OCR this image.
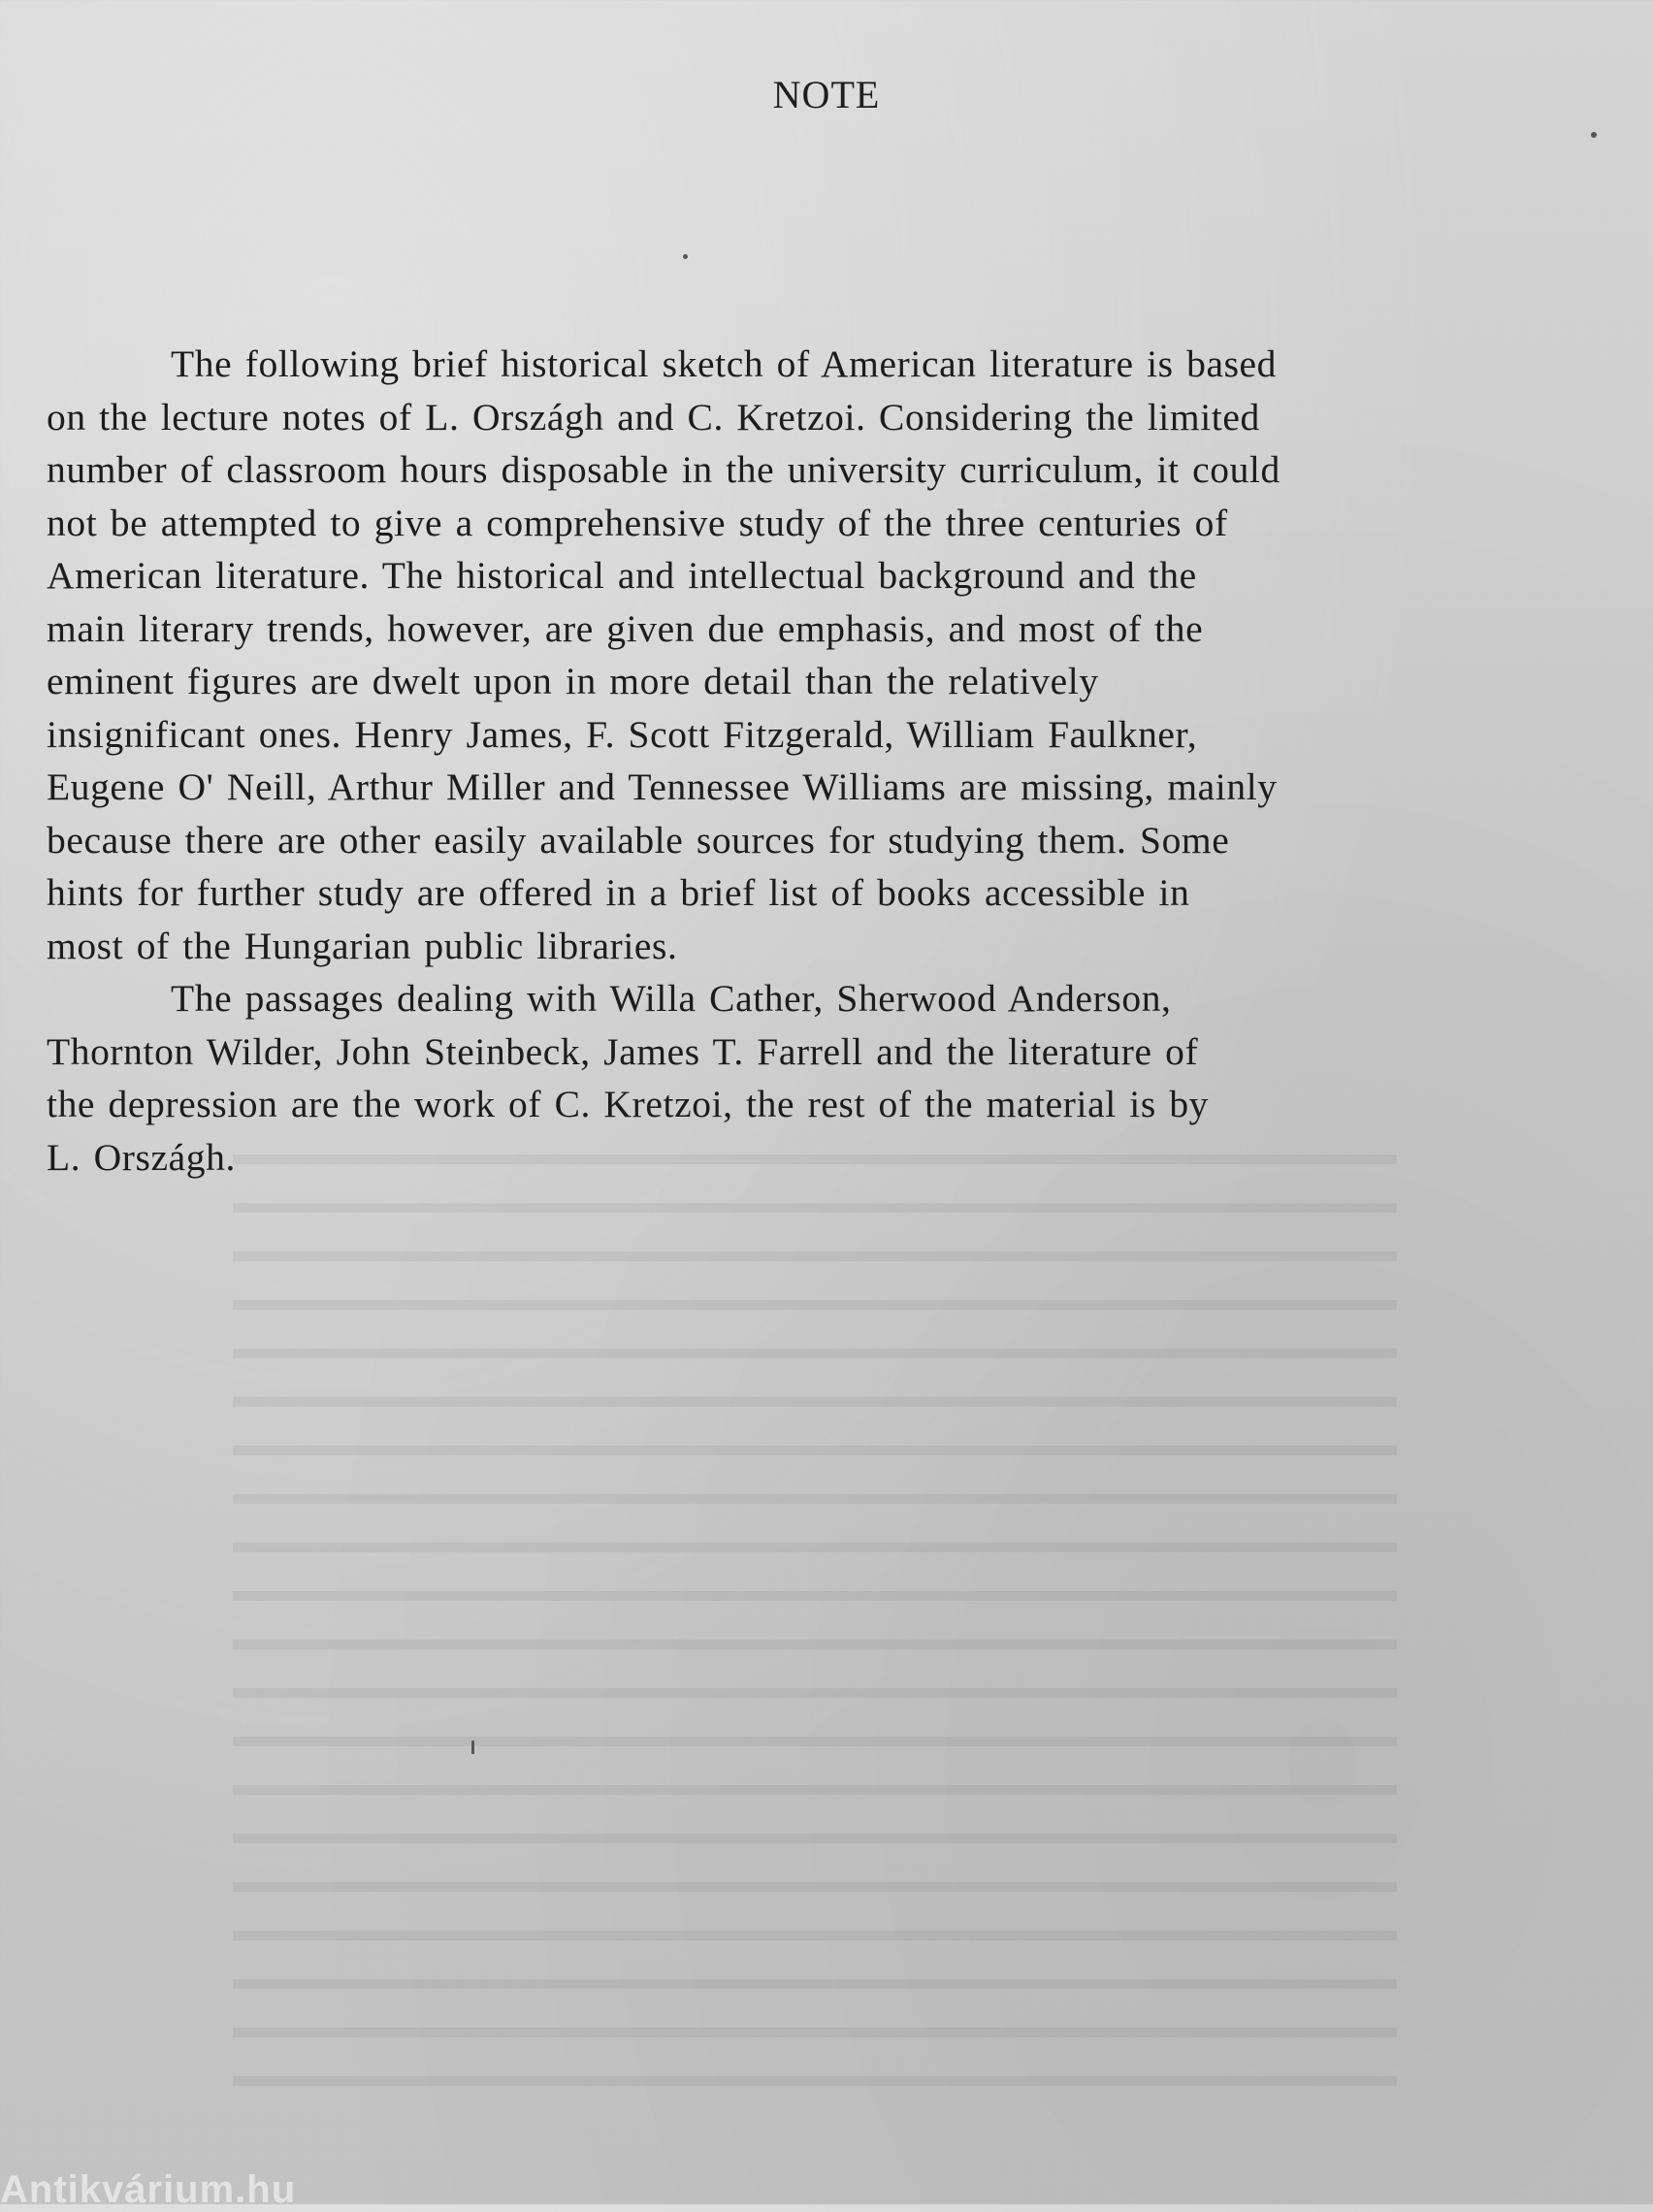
NOTE
The following brief historical sketch of American literature is based
on the lecture notes of L. Országh and C. Kretzoi. Considering the limited
number of classroom hours disposable in the university curriculum, it could
not be attempted to give a comprehensive study of the three centuries of
American literature. The historical and intellectual background and the
main literary trends, however, are given due emphasis, and most of the
eminent figures are dwelt upon in more detail than the relatively
insignificant ones. Henry James, F. Scott Fitzgerald, William Faulkner,
Eugene O' Neill, Arthur Miller and Tennessee Williams are missing, mainly
because there are other easily available sources for studying them. Some
hints for further study are offered in a brief list of books accessible in
most of the Hungarian public libraries.
The passages dealing with Willa Cather, Sherwood Anderson,
Thornton Wilder, John Steinbeck, James T. Farrell and the literature of
the depression are the work of C. Kretzoi, the rest of the material is by
L. Országh.
Antikvárium.hu
